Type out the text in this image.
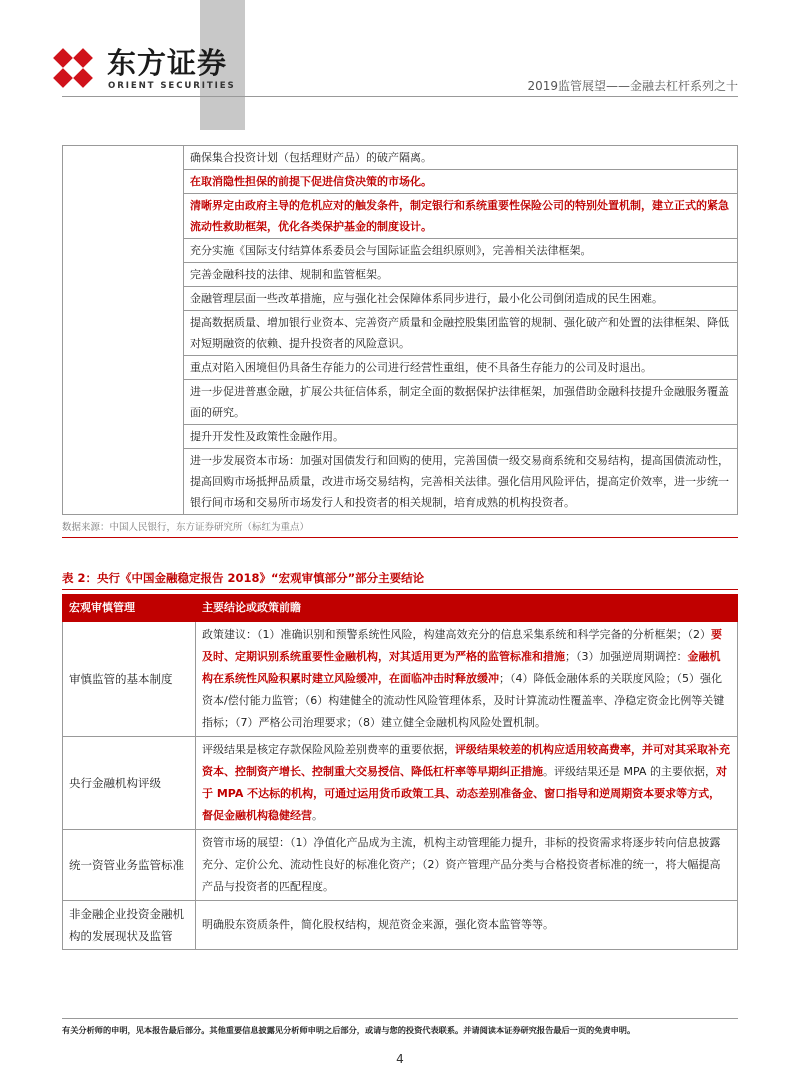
东方证券
ORIENT SECURITIES	2019监管展望——金融去杠杆系列之十
	确保集合投资计划（包括理财产品）的破产隔离。
	在取消隐性担保的前提下促进信贷决策的市场化。
	清晰界定由政府主导的危机应对的触发条件，制定银行和系统重要性保险公司的特别处置机制，建立正式的紧急流动性救助框架，优化各类保护基金的制度设计。
	充分实施《国际支付结算体系委员会与国际证监会组织原则》，完善相关法律框架。
	完善金融科技的法律、规制和监管框架。
	金融管理层面一些改革措施，应与强化社会保障体系同步进行，最小化公司倒闭造成的民生困难。
	提高数据质量、增加银行业资本、完善资产质量和金融控股集团监管的规制、强化破产和处置的法律框架、降低对短期融资的依赖、提升投资者的风险意识。
	重点对陷入困境但仍具备生存能力的公司进行经营性重组，使不具备生存能力的公司及时退出。
	进一步促进普惠金融，扩展公共征信体系，制定全面的数据保护法律框架，加强借助金融科技提升金融服务覆盖面的研究。
	提升开发性及政策性金融作用。
	进一步发展资本市场：加强对国债发行和回购的使用，完善国债一级交易商系统和交易结构，提高国债流动性，提高回购市场抵押品质量，改进市场交易结构，完善相关法律。强化信用风险评估，提高定价效率，进一步统一银行间市场和交易所市场发行人和投资者的相关规制，培育成熟的机构投资者。
数据来源：中国人民银行，东方证券研究所（标红为重点）
表 2：央行《中国金融稳定报告 2018》“宏观审慎部分”部分主要结论
宏观审慎管理	主要结论或政策前瞻
审慎监管的基本制度	政策建议：（1）准确识别和预警系统性风险，构建高效充分的信息采集系统和科学完备的分析框架；（2）要及时、定期识别系统重要性金融机构，对其适用更为严格的监管标准和措施；（3）加强逆周期调控：金融机构在系统性风险积累时建立风险缓冲，在面临冲击时释放缓冲；（4）降低金融体系的关联度风险；（5）强化资本/偿付能力监管；（6）构建健全的流动性风险管理体系，及时计算流动性覆盖率、净稳定资金比例等关键指标；（7）严格公司治理要求；（8）建立健全金融机构风险处置机制。
央行金融机构评级	评级结果是核定存款保险风险差别费率的重要依据，评级结果较差的机构应适用较高费率，并可对其采取补充资本、控制资产增长、控制重大交易授信、降低杠杆率等早期纠正措施。评级结果还是 MPA 的主要依据，对于 MPA 不达标的机构，可通过运用货币政策工具、动态差别准备金、窗口指导和逆周期资本要求等方式，督促金融机构稳健经营。
统一资管业务监管标准	资管市场的展望：（1）净值化产品成为主流，机构主动管理能力提升，非标的投资需求将逐步转向信息披露充分、定价公允、流动性良好的标准化资产；（2）资产管理产品分类与合格投资者标准的统一，将大幅提高产品与投资者的匹配程度。
非金融企业投资金融机构的发展现状及监管	明确股东资质条件，简化股权结构，规范资金来源，强化资本监管等等。
有关分析师的申明，见本报告最后部分。其他重要信息披露见分析师申明之后部分，或请与您的投资代表联系。并请阅读本证券研究报告最后一页的免责申明。
4
